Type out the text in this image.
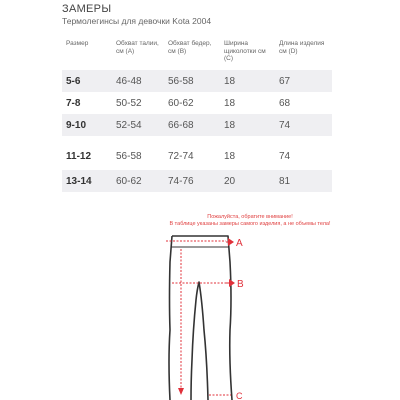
ЗАМЕРЫ
Термолегинсы для девочки Kota 2004
Размер	Обхват талии, см (A)	Обхват бедер, см (B)	Ширина щиколотки см (C)	Длина изделия см (D)
5-6	46-48	56-58	18	67
7-8	50-52	60-62	18	68
9-10	52-54	66-68	18	74
11-12	56-58	72-74	18	74
13-14	60-62	74-76	20	81
Пожалуйста, обратите внимание!
В таблице указаны замеры самого изделия, а не объемы тела!
A
B
C
